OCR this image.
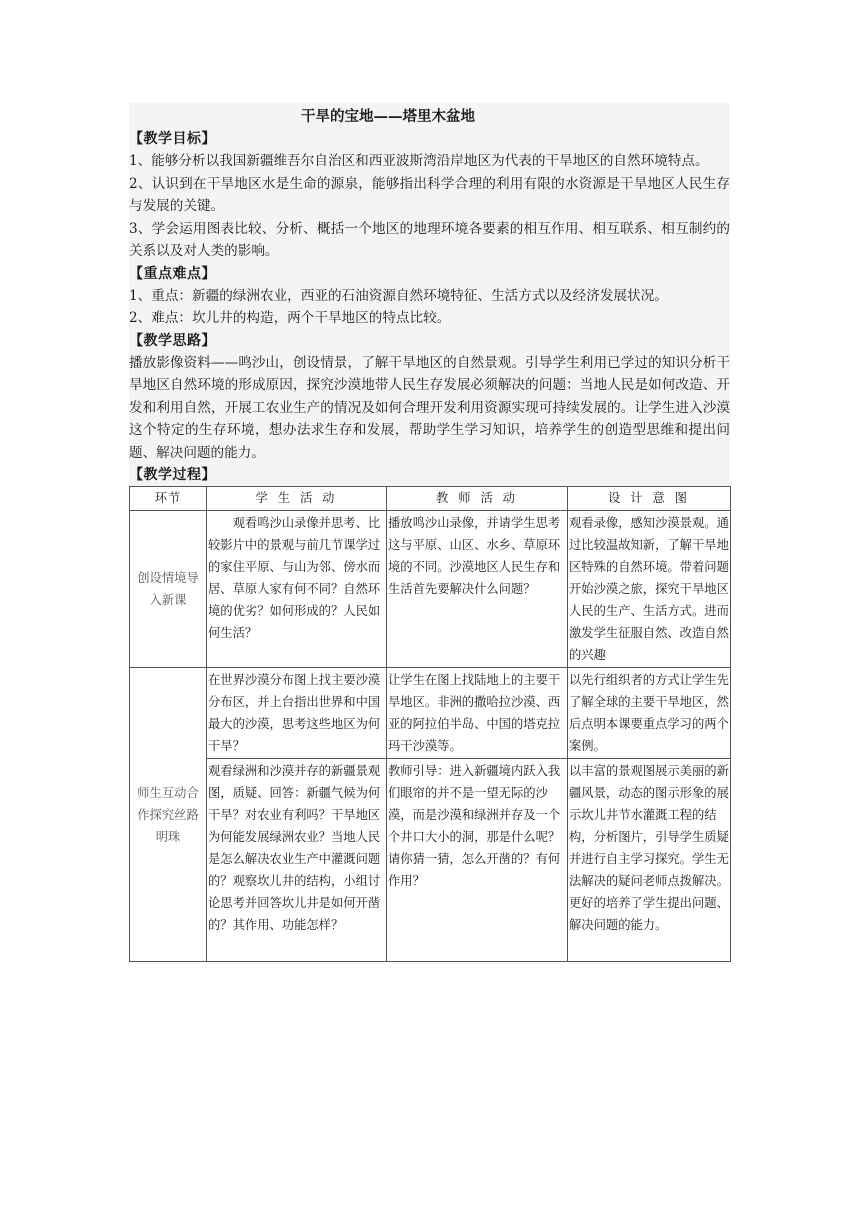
干旱的宝地——塔里木盆地
【教学目标】

1、能够分析以我国新疆维吾尔自治区和西亚波斯湾沿岸地区为代表的干旱地区的自然环境特点。

2、认识到在干旱地区水是生命的源泉，能够指出科学合理的利用有限的水资源是干旱地区人民生存与发展的关键。

3、学会运用图表比较、分析、概括一个地区的地理环境各要素的相互作用、相互联系、相互制约的关系以及对人类的影响。

【重点难点】

1、重点：新疆的绿洲农业，西亚的石油资源自然环境特征、生活方式以及经济发展状况。

2、难点：坎儿井的构造，两个干旱地区的特点比较。

【教学思路】

播放影像资料——鸣沙山，创设情景，了解干旱地区的自然景观。引导学生利用已学过的知识分析干旱地区自然环境的形成原因，探究沙漠地带人民生存发展必须解决的问题：当地人民是如何改造、开发和利用自然，开展工农业生产的情况及如何合理开发利用资源实现可持续发展的。让学生进入沙漠这个特定的生存环境，想办法求生存和发展，帮助学生学习知识，培养学生的创造型思维和提出问题、解决问题的能力。

【教学过程】
环节	学 生 活 动	教 师 活 动	设 计 意 图
创设情境导入新课	观看鸣沙山录像并思考、比较影片中的景观与前几节课学过的家住平原、与山为邻、傍水而居、草原人家有何不同？自然环境的优劣？如何形成的？人民如何生活？	播放鸣沙山录像，并请学生思考这与平原、山区、水乡、草原环境的不同。沙漠地区人民生存和生活首先要解决什么问题？	观看录像，感知沙漠景观。通过比较温故知新，了解干旱地区特殊的自然环境。带着问题开始沙漠之旅，探究干旱地区人民的生产、生活方式。进而激发学生征服自然、改造自然的兴趣
师生互动合作探究丝路明珠	在世界沙漠分布图上找主要沙漠分布区，并上台指出世界和中国最大的沙漠，思考这些地区为何干旱？	让学生在图上找陆地上的主要干旱地区。非洲的撒哈拉沙漠、西亚的阿拉伯半岛、中国的塔克拉玛干沙漠等。	以先行组织者的方式让学生先了解全球的主要干旱地区，然后点明本课要重点学习的两个案例。
	观看绿洲和沙漠并存的新疆景观图，质疑、回答：新疆气候为何干旱？对农业有利吗？干旱地区为何能发展绿洲农业？当地人民是怎么解决农业生产中灌溉问题的？观察坎儿井的结构，小组讨论思考并回答坎儿井是如何开凿的？其作用、功能怎样？	教师引导：进入新疆境内跃入我们眼帘的并不是一望无际的沙漠，而是沙漠和绿洲并存及一个个井口大小的洞，那是什么呢？请你猜一猜，怎么开凿的？有何作用？	以丰富的景观图展示美丽的新疆风景，动态的图示形象的展示坎儿井节水灌溉工程的结构，分析图片，引导学生质疑并进行自主学习探究。学生无法解决的疑问老师点拨解决。更好的培养了学生提出问题、解决问题的能力。
